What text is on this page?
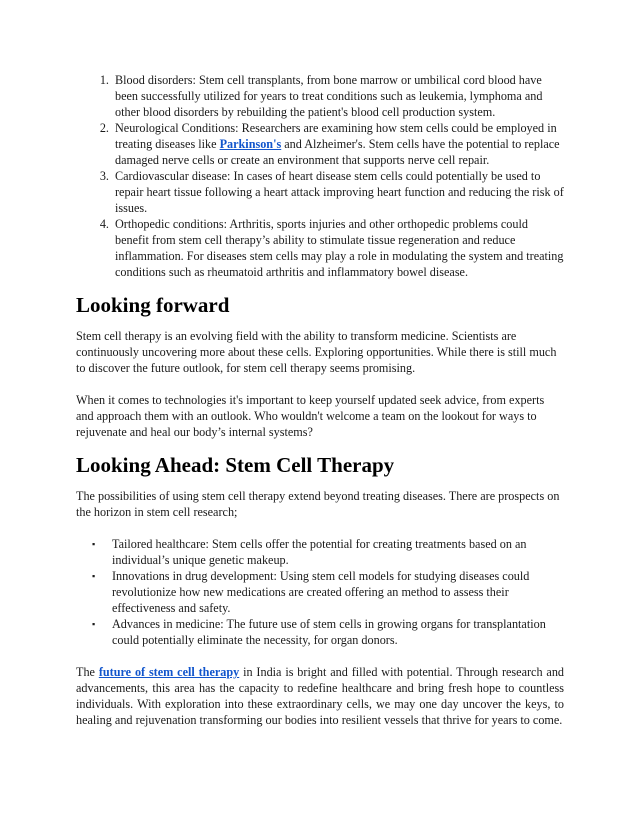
1. Blood disorders: Stem cell transplants, from bone marrow or umbilical cord blood have been successfully utilized for years to treat conditions such as leukemia, lymphoma and other blood disorders by rebuilding the patient's blood cell production system.
2. Neurological Conditions: Researchers are examining how stem cells could be employed in treating diseases like Parkinson's and Alzheimer's. Stem cells have the potential to replace damaged nerve cells or create an environment that supports nerve cell repair.
3. Cardiovascular disease: In cases of heart disease stem cells could potentially be used to repair heart tissue following a heart attack improving heart function and reducing the risk of issues.
4. Orthopedic conditions: Arthritis, sports injuries and other orthopedic problems could benefit from stem cell therapy’s ability to stimulate tissue regeneration and reduce inflammation. For diseases stem cells may play a role in modulating the system and treating conditions such as rheumatoid arthritis and inflammatory bowel disease.
Looking forward

Stem cell therapy is an evolving field with the ability to transform medicine. Scientists are continuously uncovering more about these cells. Exploring opportunities. While there is still much to discover the future outlook, for stem cell therapy seems promising.

When it comes to technologies it's important to keep yourself updated seek advice, from experts and approach them with an outlook. Who wouldn't welcome a team on the lookout for ways to rejuvenate and heal our body’s internal systems?

Looking Ahead: Stem Cell Therapy

The possibilities of using stem cell therapy extend beyond treating diseases. There are prospects on the horizon in stem cell research;

▪ Tailored healthcare: Stem cells offer the potential for creating treatments based on an individual’s unique genetic makeup.
▪ Innovations in drug development: Using stem cell models for studying diseases could revolutionize how new medications are created offering an method to assess their effectiveness and safety.
▪ Advances in medicine: The future use of stem cells in growing organs for transplantation could potentially eliminate the necessity, for organ donors.

The future of stem cell therapy in India is bright and filled with potential. Through research and advancements, this area has the capacity to redefine healthcare and bring fresh hope to countless individuals. With exploration into these extraordinary cells, we may one day uncover the keys, to healing and rejuvenation transforming our bodies into resilient vessels that thrive for years to come.
